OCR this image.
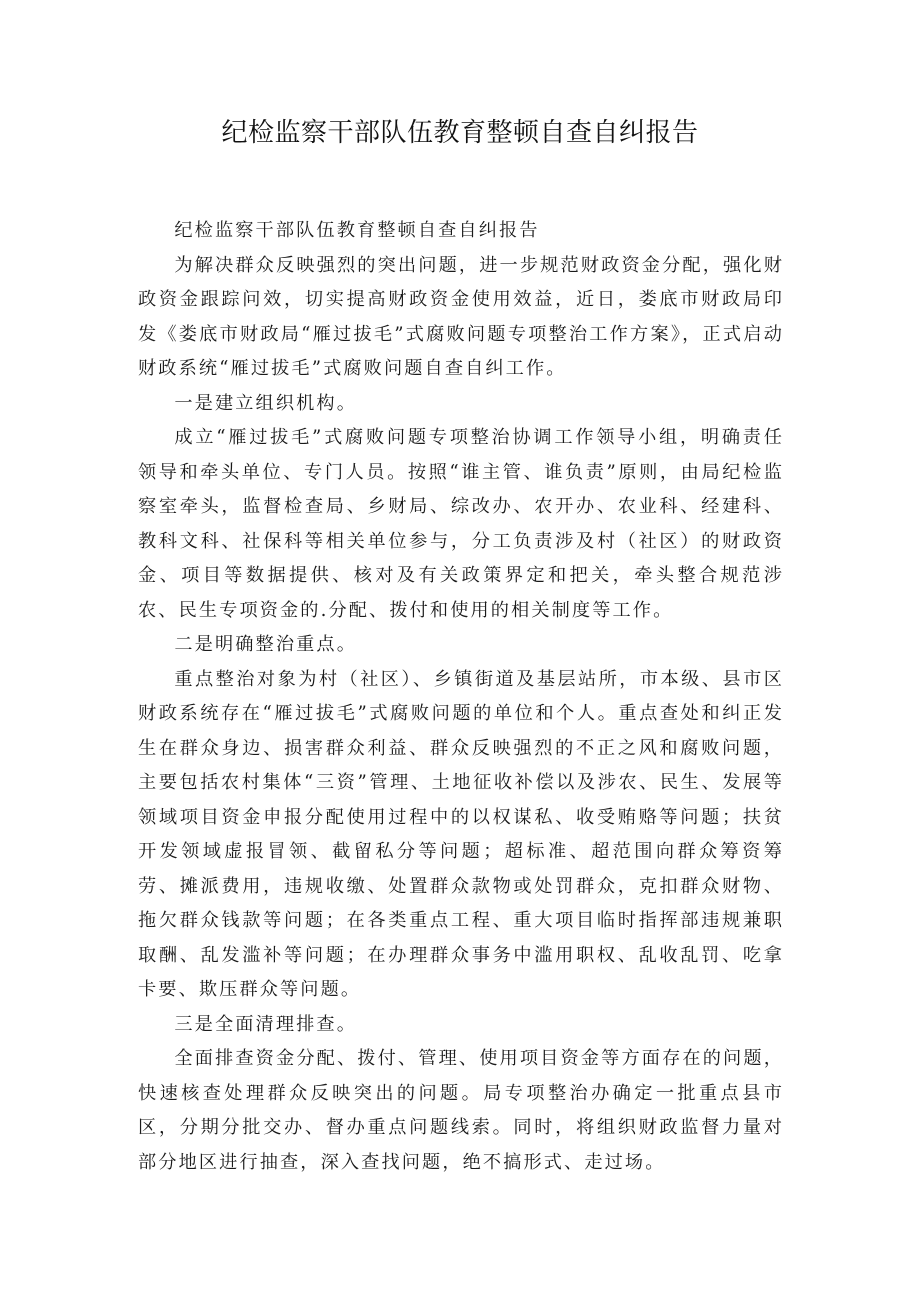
纪检监察干部队伍教育整顿自查自纠报告

纪检监察干部队伍教育整顿自查自纠报告

为解决群众反映强烈的突出问题，进一步规范财政资金分配，强化财政资金跟踪问效，切实提高财政资金使用效益，近日，娄底市财政局印发《娄底市财政局“雁过拔毛”式腐败问题专项整治工作方案》，正式启动财政系统“雁过拔毛”式腐败问题自查自纠工作。

一是建立组织机构。

成立“雁过拔毛”式腐败问题专项整治协调工作领导小组，明确责任领导和牵头单位、专门人员。按照“谁主管、谁负责”原则，由局纪检监察室牵头，监督检查局、乡财局、综改办、农开办、农业科、经建科、教科文科、社保科等相关单位参与，分工负责涉及村（社区）的财政资金、项目等数据提供、核对及有关政策界定和把关，牵头整合规范涉农、民生专项资金的.分配、拨付和使用的相关制度等工作。

二是明确整治重点。

重点整治对象为村（社区）、乡镇街道及基层站所，市本级、县市区财政系统存在“雁过拔毛”式腐败问题的单位和个人。重点查处和纠正发生在群众身边、损害群众利益、群众反映强烈的不正之风和腐败问题，主要包括农村集体“三资”管理、土地征收补偿以及涉农、民生、发展等领域项目资金申报分配使用过程中的以权谋私、收受贿赂等问题；扶贫开发领域虚报冒领、截留私分等问题；超标准、超范围向群众筹资筹劳、摊派费用，违规收缴、处置群众款物或处罚群众，克扣群众财物、拖欠群众钱款等问题；在各类重点工程、重大项目临时指挥部违规兼职取酬、乱发滥补等问题；在办理群众事务中滥用职权、乱收乱罚、吃拿卡要、欺压群众等问题。

三是全面清理排查。

全面排查资金分配、拨付、管理、使用项目资金等方面存在的问题，快速核查处理群众反映突出的问题。局专项整治办确定一批重点县市区，分期分批交办、督办重点问题线索。同时，将组织财政监督力量对部分地区进行抽查，深入查找问题，绝不搞形式、走过场。
